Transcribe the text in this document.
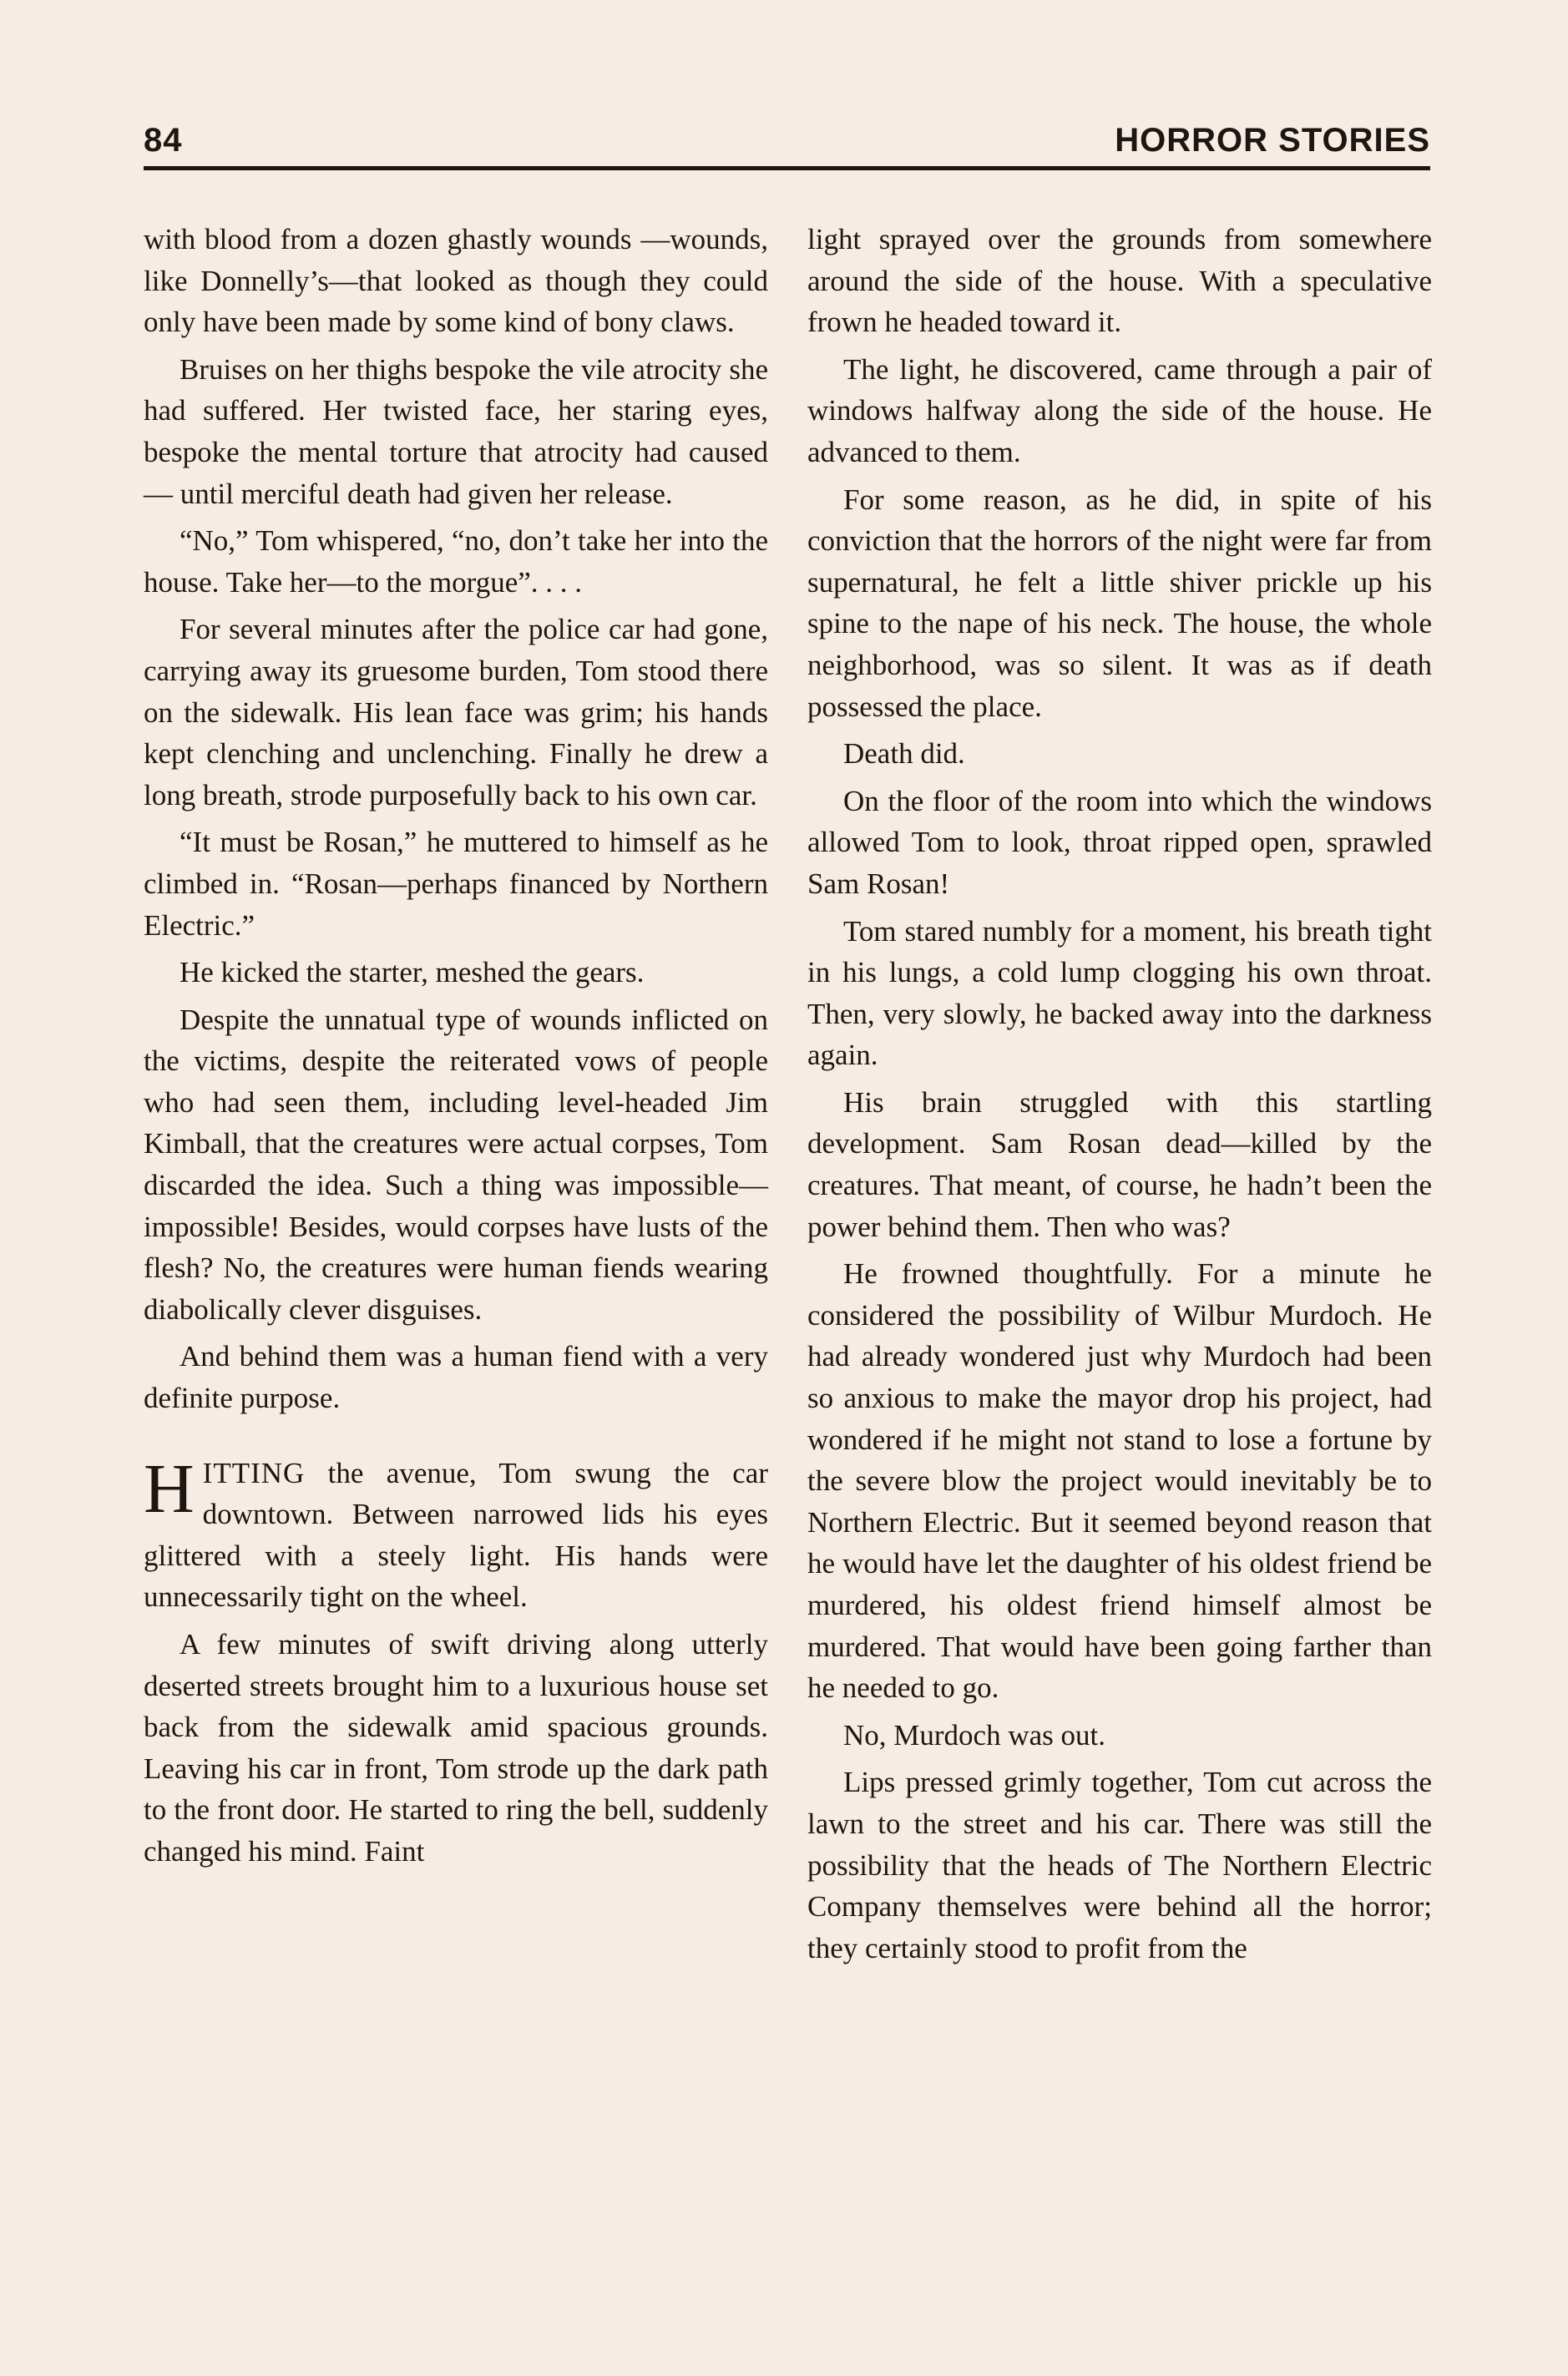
84	HORROR STORIES

with blood from a dozen ghastly wounds —wounds, like Donnelly’s—that looked as though they could only have been made by some kind of bony claws.

Bruises on her thighs bespoke the vile atrocity she had suffered. Her twisted face, her staring eyes, bespoke the mental torture that atrocity had caused — until merciful death had given her release.

“No,” Tom whispered, “no, don’t take her into the house. Take her—to the morgue”. . . .

For several minutes after the police car had gone, carrying away its gruesome burden, Tom stood there on the sidewalk. His lean face was grim; his hands kept clenching and unclenching. Finally he drew a long breath, strode purposefully back to his own car.

“It must be Rosan,” he muttered to himself as he climbed in. “Rosan—perhaps financed by Northern Electric.”

He kicked the starter, meshed the gears.

Despite the unnatual type of wounds inflicted on the victims, despite the reiterated vows of people who had seen them, including level-headed Jim Kimball, that the creatures were actual corpses, Tom discarded the idea. Such a thing was impossible—impossible! Besides, would corpses have lusts of the flesh? No, the creatures were human fiends wearing diabolically clever disguises.

And behind them was a human fiend with a very definite purpose.

HITTING the avenue, Tom swung the car downtown. Between narrowed lids his eyes glittered with a steely light. His hands were unnecessarily tight on the wheel.

A few minutes of swift driving along utterly deserted streets brought him to a luxurious house set back from the sidewalk amid spacious grounds. Leaving his car in front, Tom strode up the dark path to the front door. He started to ring the bell, suddenly changed his mind. Faint

light sprayed over the grounds from somewhere around the side of the house. With a speculative frown he headed toward it.

The light, he discovered, came through a pair of windows halfway along the side of the house. He advanced to them.

For some reason, as he did, in spite of his conviction that the horrors of the night were far from supernatural, he felt a little shiver prickle up his spine to the nape of his neck. The house, the whole neighborhood, was so silent. It was as if death possessed the place.

Death did.

On the floor of the room into which the windows allowed Tom to look, throat ripped open, sprawled Sam Rosan!

Tom stared numbly for a moment, his breath tight in his lungs, a cold lump clogging his own throat. Then, very slowly, he backed away into the darkness again.

His brain struggled with this startling development. Sam Rosan dead—killed by the creatures. That meant, of course, he hadn’t been the power behind them. Then who was?

He frowned thoughtfully. For a minute he considered the possibility of Wilbur Murdoch. He had already wondered just why Murdoch had been so anxious to make the mayor drop his project, had wondered if he might not stand to lose a fortune by the severe blow the project would inevitably be to Northern Electric. But it seemed beyond reason that he would have let the daughter of his oldest friend be murdered, his oldest friend himself almost be murdered. That would have been going farther than he needed to go.

No, Murdoch was out.

Lips pressed grimly together, Tom cut across the lawn to the street and his car. There was still the possibility that the heads of The Northern Electric Company themselves were behind all the horror; they certainly stood to profit from the
